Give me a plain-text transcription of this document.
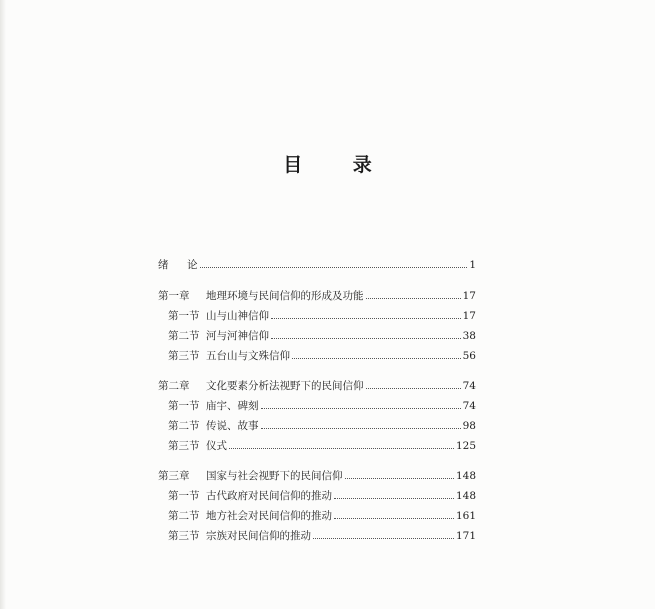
目 录
绪　论	1
第一章	地理环境与民间信仰的形成及功能	17
第一节 山与山神信仰	17
第二节 河与河神信仰	38
第三节 五台山与文殊信仰	56
第二章	文化要素分析法视野下的民间信仰	74
第一节 庙宇、碑刻	74
第二节 传说、故事	98
第三节 仪式	125
第三章	国家与社会视野下的民间信仰	148
第一节 古代政府对民间信仰的推动	148
第二节 地方社会对民间信仰的推动	161
第三节 宗族对民间信仰的推动	171
